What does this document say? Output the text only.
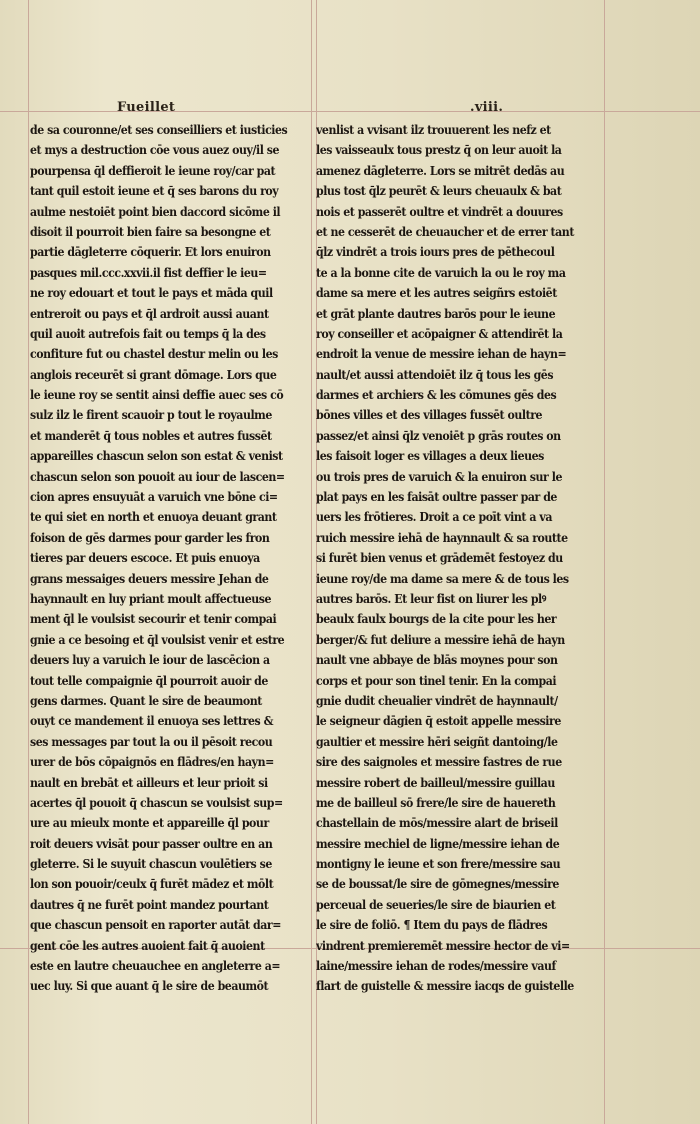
Fueillet	.viii.
de sa couronne/et ses conseilliers et iusticies
et mys a destruction cōe vous auez ouy/il se
pourpensa q̄l deffieroit le ieune roy/car pat
tant quil estoit ieune et q̄ ses barons du roy
aulme nestoiēt point bien daccord sicōme il
disoit il pourroit bien faire sa besongne et
partie dāgleterre cōquerir. Et lors enuiron
pasques mil.ccc.xxvii.il fist deffier le ieu=
ne roy edouart et tout le pays et māda quil
entreroit ou pays et q̄l ardroit aussi auant
quil auoit autrefois fait ou temps q̄ la des
confiture fut ou chastel destur melin ou les
anglois receurēt si grant dōmage. Lors que
le ieune roy se sentit ainsi deffie auec ses cō
sulz ilz le firent scauoir p tout le royaulme
et manderēt q̄ tous nobles et autres fussēt
appareilles chascun selon son estat & venist
chascun selon son pouoit au iour de lascen=
cion apres ensuyuāt a varuich vne bōne ci=
te qui siet en north et enuoya deuant grant
foison de gēs darmes pour garder les fron
tieres par deuers escoce. Et puis enuoya
grans messaiges deuers messire Jehan de
haynnault en luy priant moult affectueuse
ment q̄l le voulsist secourir et tenir compai
gnie a ce besoing et q̄l voulsist venir et estre
deuers luy a varuich le iour de lascēcion a
tout telle compaignie q̄l pourroit auoir de
gens darmes. Quant le sire de beaumont
ouyt ce mandement il enuoya ses lettres &
ses messages par tout la ou il pēsoit recou
urer de bōs cōpaignōs en flādres/en hayn=
nault en brebāt et ailleurs et leur prioit si
acertes q̄l pouoit q̄ chascun se voulsist sup=
ure au mieulx monte et appareille q̄l pour
roit deuers vvisāt pour passer oultre en an
gleterre. Si le suyuit chascun voulētiers se
lon son pouoir/ceulx q̄ furēt mādez et mōlt
dautres q̄ ne furēt point mandez pourtant
que chascun pensoit en raporter autāt dar=
gent cōe les autres auoient fait q̄ auoient
este en lautre cheuauchee en angleterre a=
uec luy. Si que auant q̄ le sire de beaumōt
venlist a vvisant ilz trouuerent les nefz et
les vaisseaulx tous prestz q̄ on leur auoit la
amenez dāgleterre. Lors se mitrēt dedās au
plus tost q̄lz peurēt & leurs cheuaulx & bat
nois et passerēt oultre et vindrēt a douures
et ne cesserēt de cheuaucher et de errer tant
q̄lz vindrēt a trois iours pres de pēthecoul
te a la bonne cite de varuich la ou le roy ma
dame sa mere et les autres seigñrs estoiēt
et grāt plante dautres barōs pour le ieune
roy conseiller et acōpaigner & attendirēt la
endroit la venue de messire iehan de hayn=
nault/et aussi attendoiēt ilz q̄ tous les gēs
darmes et archiers & les cōmunes gēs des
bōnes villes et des villages fussēt oultre
passez/et ainsi q̄lz venoiēt p grās routes on
les faisoit loger es villages a deux lieues
ou trois pres de varuich & la enuiron sur le
plat pays en les faisāt oultre passer par de
uers les frōtieres. Droit a ce poīt vint a va
ruich messire iehā de haynnault & sa routte
si furēt bien venus et grādemēt festoyez du
ieune roy/de ma dame sa mere & de tous les
autres barōs. Et leur fist on liurer les plꝰ
beaulx faulx bourgs de la cite pour les her
berger/& fut deliure a messire iehā de hayn
nault vne abbaye de blās moynes pour son
corps et pour son tinel tenir. En la compai
gnie dudit cheualier vindrēt de haynnault/
le seigneur dāgien q̄ estoit appelle messire
gaultier et messire hēri seigñt dantoing/le
sire des saignoles et messire fastres de rue
messire robert de bailleul/messire guillau
me de bailleul sō frere/le sire de hauereth
chastellain de mōs/messire alart de briseil
messire mechiel de ligne/messire iehan de
montigny le ieune et son frere/messire sau
se de boussat/le sire de gōmegnes/messire
perceual de seueries/le sire de biaurien et
le sire de foliō. ¶ Item du pays de flādres
vindrent premieremēt messire hector de vi=
laine/messire iehan de rodes/messire vauf
flart de guistelle & messire iacqs de guistelle
